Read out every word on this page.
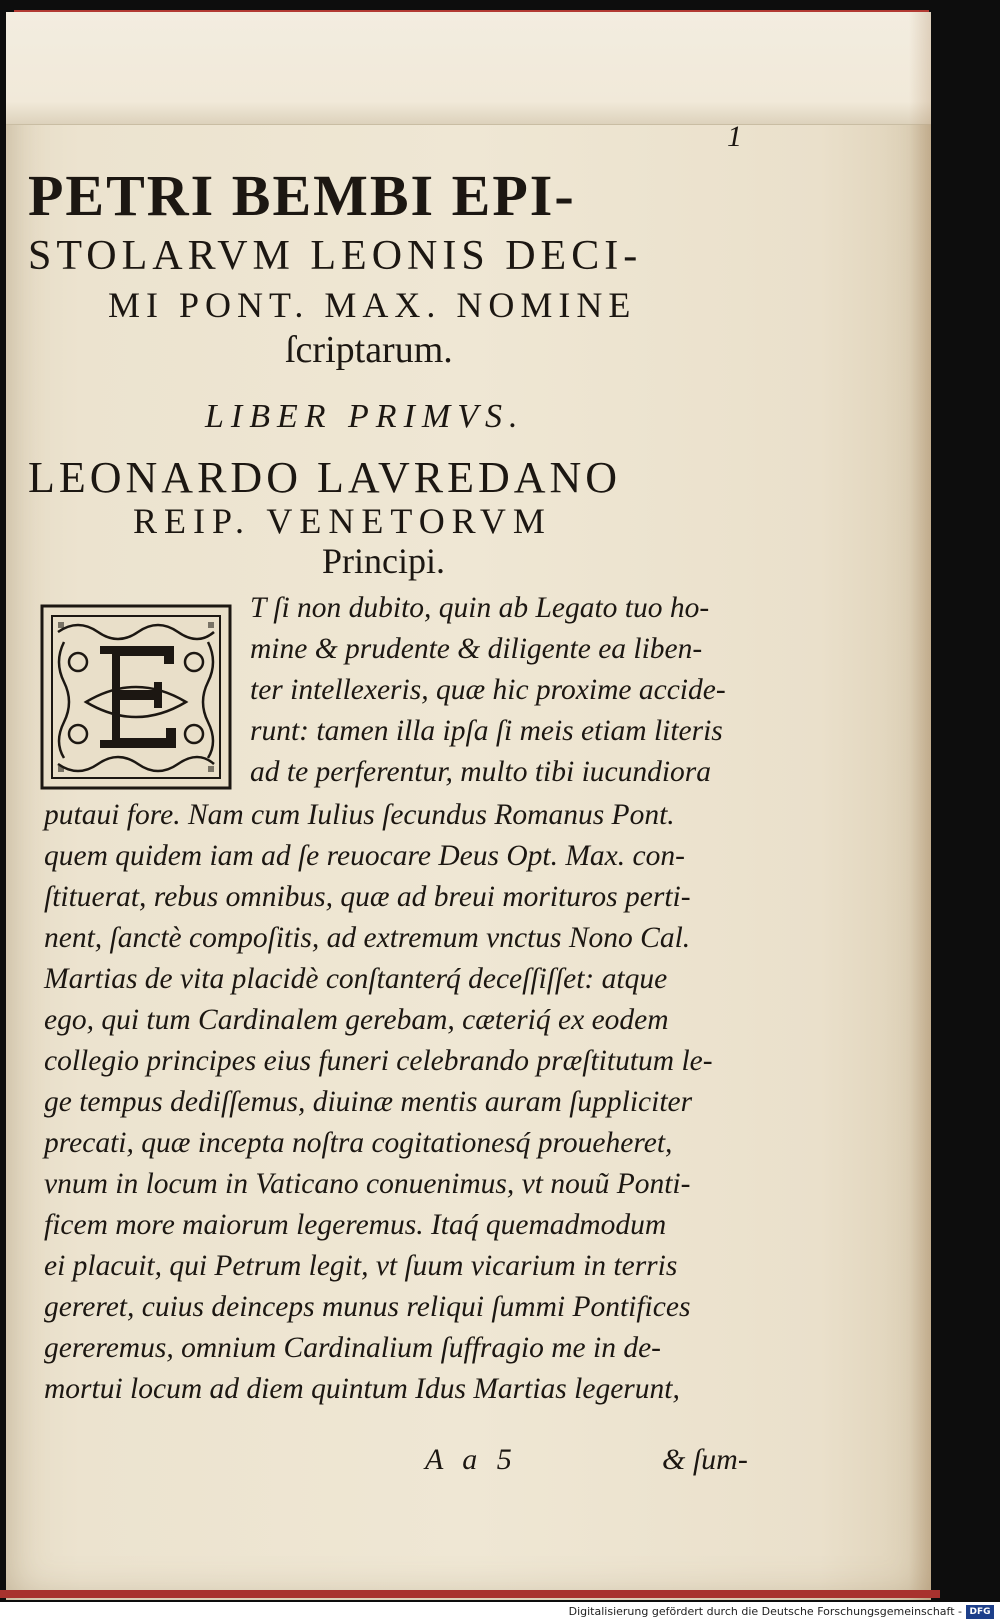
1
PETRI BEMBI EPI-
STOLARVM LEONIS DECI-
MI PONT. MAX. NOMINE
ſcriptarum.
LIBER PRIMVS.
LEONARDO LAVREDANO
REIP. VENETORVM
Principi.
T ſi non dubito, quin ab Legato tuo ho-
mine & prudente & diligente ea liben-
ter intellexeris, quæ hic proxime accide-
runt: tamen illa ipſa ſi meis etiam literis
ad te perferentur, multo tibi iucundiora
putaui fore. Nam cum Iulius ſecundus Romanus Pont.
quem quidem iam ad ſe reuocare Deus Opt. Max. con-
ſtituerat, rebus omnibus, quæ ad breui morituros perti-
nent, ſanctè compoſitis, ad extremum vnctus Nono Cal.
Martias de vita placidè conſtanterq́ deceſſiſſet: atque
ego, qui tum Cardinalem gerebam, cæteriq́ ex eodem
collegio principes eius funeri celebrando præſtitutum le-
ge tempus dediſſemus, diuinæ mentis auram ſuppliciter
precati, quæ incepta noſtra cogitationesq́ proueheret,
vnum in locum in Vaticano conuenimus, vt nouũ Ponti-
ficem more maiorum legeremus. Itaq́ quemadmodum
ei placuit, qui Petrum legit, vt ſuum vicarium in terris
gereret, cuius deinceps munus reliqui ſummi Pontifices
gereremus, omnium Cardinalium ſuffragio me in de-
mortui locum ad diem quintum Idus Martias legerunt,
A a 5	& ſum-
Digitalisierung gefördert durch die Deutsche Forschungsgemeinschaft - DFG
